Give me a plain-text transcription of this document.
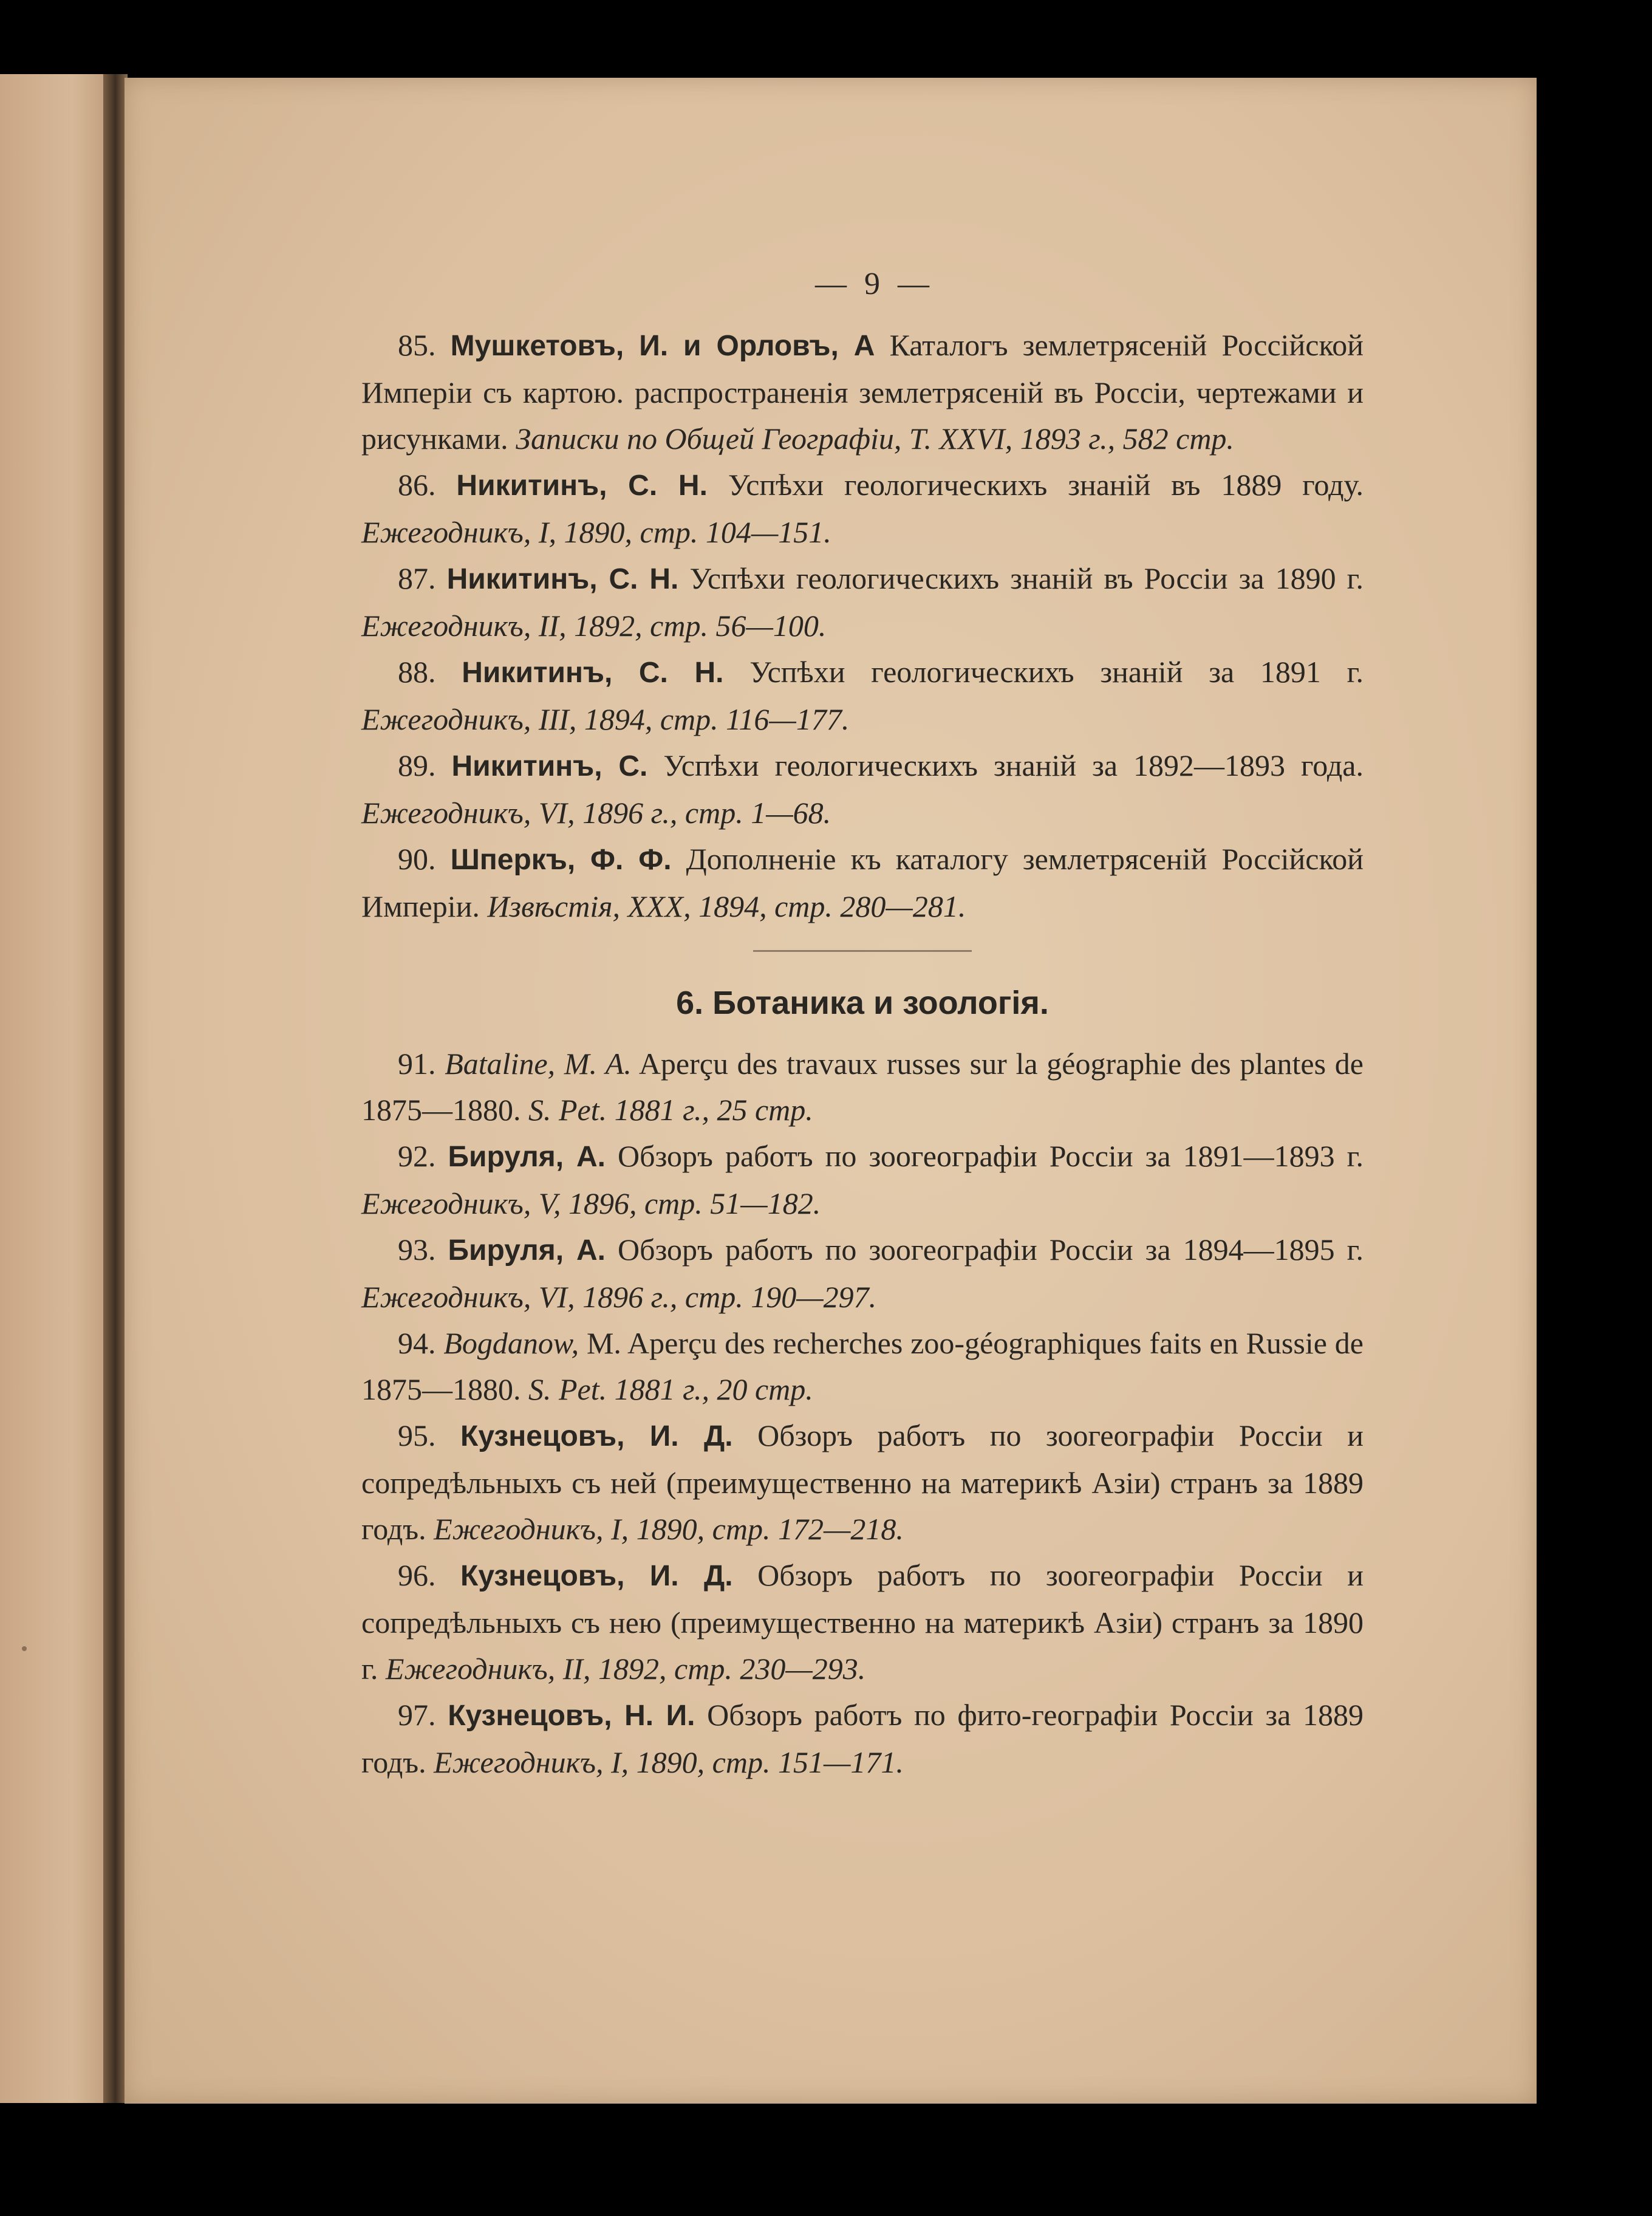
— 9 —

85. Мушкетовъ, И. и Орловъ, А Каталогъ землетрясеній Россійской Имперіи съ картою. распространенія землетрясеній въ Россіи, чертежами и рисунками. Записки по Общей Географіи, Т. XXVI, 1893 г., 582 стр.

86. Никитинъ, С. Н. Успѣхи геологическихъ знаній въ 1889 году. Ежегодникъ, I, 1890, стр. 104—151.

87. Никитинъ, С. Н. Успѣхи геологическихъ знаній въ Россіи за 1890 г. Ежегодникъ, II, 1892, стр. 56—100.

88. Никитинъ, С. Н. Успѣхи геологическихъ знаній за 1891 г. Ежегодникъ, III, 1894, стр. 116—177.

89. Никитинъ, С. Успѣхи геологическихъ знаній за 1892—1893 года. Ежегодникъ, VI, 1896 г., стр. 1—68.

90. Шперкъ, Ф. Ф. Дополненіе къ каталогу землетрясеній Россійской Имперіи. Извѣстія, XXX, 1894, стр. 280—281.

6. Ботаника и зоологія.

91. Bataline, M. A. Aperçu des travaux russes sur la géographie des plantes de 1875—1880. S. Pet. 1881 г., 25 стр.

92. Бируля, А. Обзоръ работъ по зоогеографіи Россіи за 1891—1893 г. Ежегодникъ, V, 1896, стр. 51—182.

93. Бируля, А. Обзоръ работъ по зоогеографіи Россіи за 1894—1895 г. Ежегодникъ, VI, 1896 г., стр. 190—297.

94. Bogdanow, M. Aperçu des recherches zoo-géographiques faits en Russie de 1875—1880. S. Pet. 1881 г., 20 стр.

95. Кузнецовъ, И. Д. Обзоръ работъ по зоогеографіи Россіи и сопредѣльныхъ съ ней (преимущественно на материкѣ Азіи) странъ за 1889 годъ. Ежегодникъ, I, 1890, стр. 172—218.

96. Кузнецовъ, И. Д. Обзоръ работъ по зоогеографіи Россіи и сопредѣльныхъ съ нею (преимущественно на материкѣ Азіи) странъ за 1890 г. Ежегодникъ, II, 1892, стр. 230—293.

97. Кузнецовъ, Н. И. Обзоръ работъ по фито-географіи Россіи за 1889 годъ. Ежегодникъ, I, 1890, стр. 151—171.
